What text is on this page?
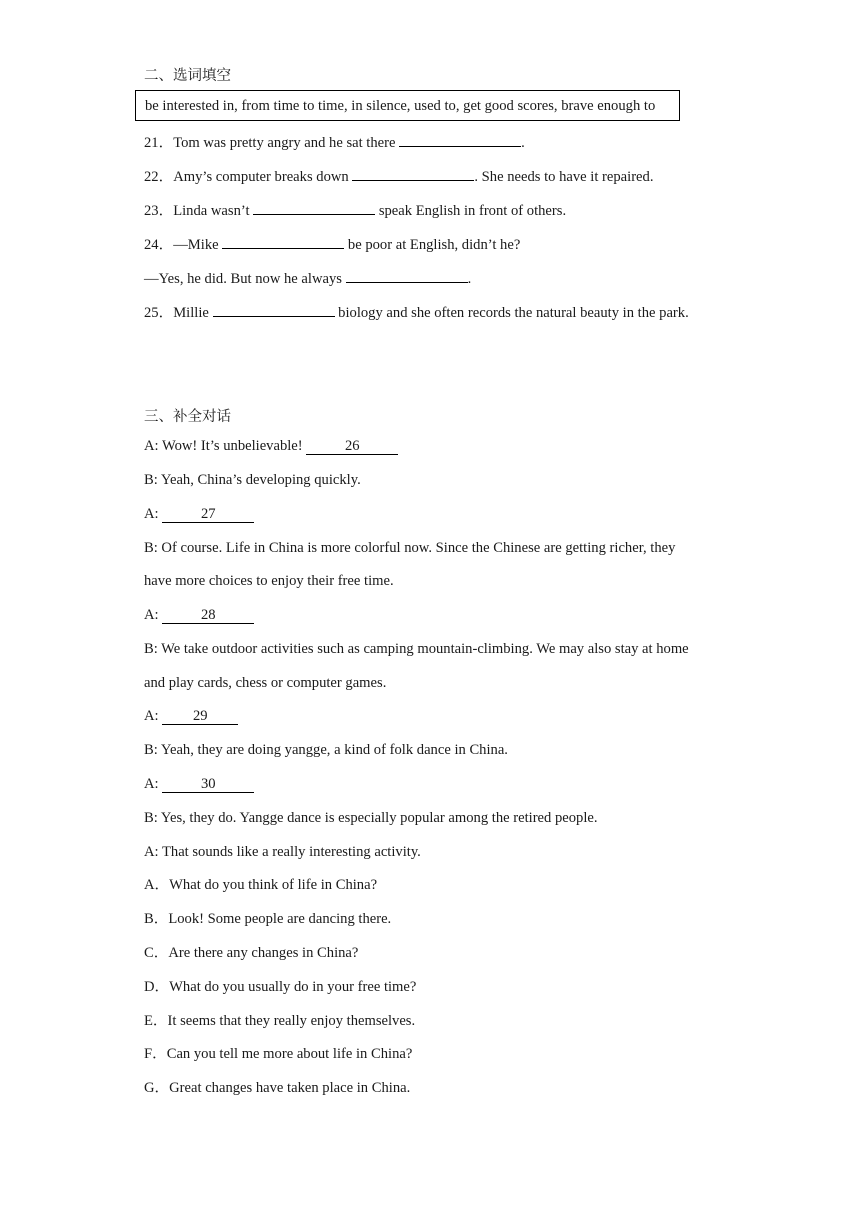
二、选词填空
be interested in, from time to time, in silence, used to, get good scores, brave enough to
21．Tom was pretty angry and he sat there	.
22．Amy’s computer breaks down	. She needs to have it repaired.
23．Linda wasn’t	speak English in front of others.
24．—Mike	be poor at English, didn’t he?
—Yes, he did. But now he always	.
25．Millie	biology and she often records the natural beauty in the park.
三、补全对话
A: Wow! It’s unbelievable!	26
B: Yeah, China’s developing quickly.
A:	27
B: Of course. Life in China is more colorful now. Since the Chinese are getting richer, they
have more choices to enjoy their free time.
A:	28
B: We take outdoor activities such as camping mountain-climbing. We may also stay at home
and play cards, chess or computer games.
A: 29
B: Yeah, they are doing yangge, a kind of folk dance in China.
A:	30
B: Yes, they do. Yangge dance is especially popular among the retired people.
A: That sounds like a really interesting activity.
A．What do you think of life in China?
B．Look! Some people are dancing there.
C．Are there any changes in China?
D．What do you usually do in your free time?
E．It seems that they really enjoy themselves.
F．Can you tell me more about life in China?
G．Great changes have taken place in China.
